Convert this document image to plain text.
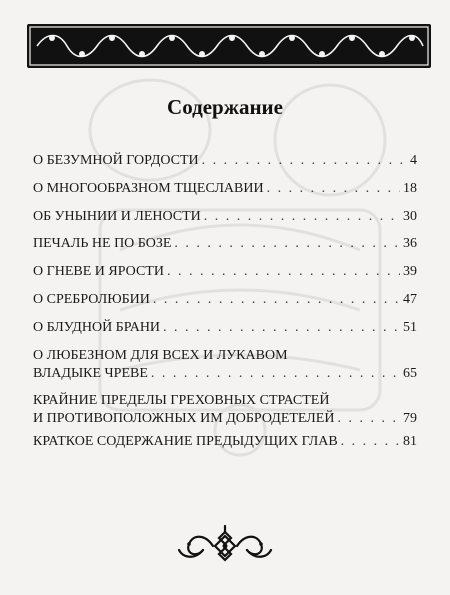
Содержание
О БЕЗУМНОЙ ГОРДОСТИ . . .	4
О МНОГООБРАЗНОМ ТЩЕСЛАВИИ . . .	18
ОБ УНЫНИИ И ЛЕНОСТИ . . .	30
ПЕЧАЛЬ НЕ ПО БОЗЕ . . .	36
О ГНЕВЕ И ЯРОСТИ . . .	39
О СРЕБРОЛЮБИИ . . .	47
О БЛУДНОЙ БРАНИ . . .	51
О ЛЮБЕЗНОМ ДЛЯ ВСЕХ И ЛУКАВОМ
ВЛАДЫКЕ ЧРЕВЕ . . .	65
КРАЙНИЕ ПРЕДЕЛЫ ГРЕХОВНЫХ СТРАСТЕЙ
И ПРОТИВОПОЛОЖНЫХ ИМ ДОБРОДЕТЕЛЕЙ . . .	79
КРАТКОЕ СОДЕРЖАНИЕ ПРЕДЫДУЩИХ ГЛАВ . . .	81
